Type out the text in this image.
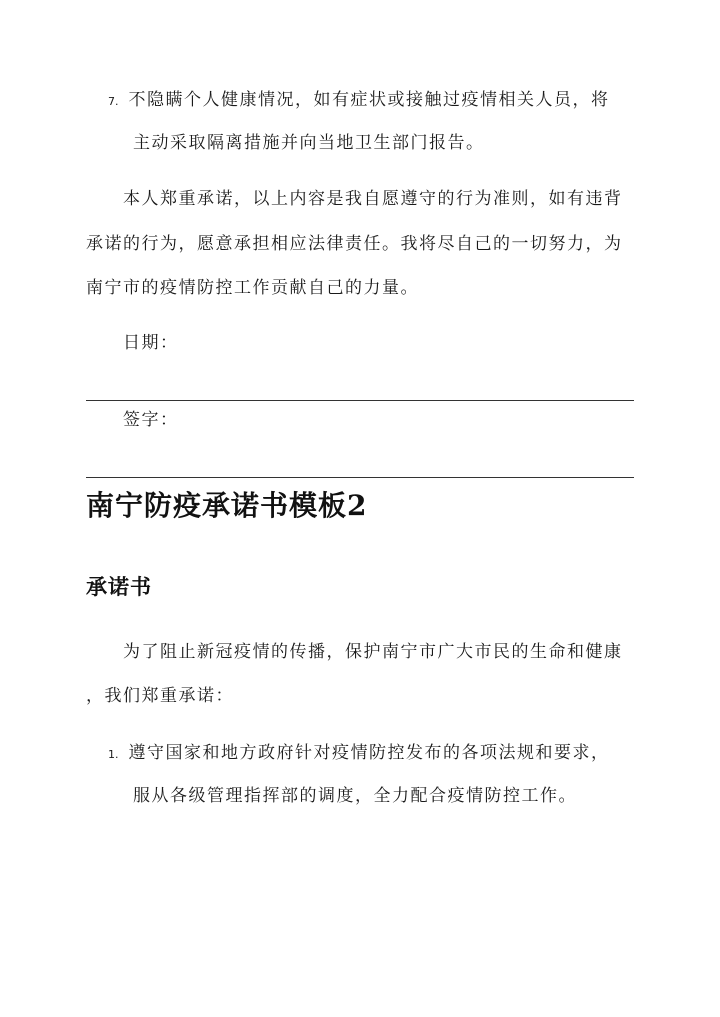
7. 不隐瞒个人健康情况，如有症状或接触过疫情相关人员，将
主动采取隔离措施并向当地卫生部门报告。
本人郑重承诺，以上内容是我自愿遵守的行为准则，如有违背
承诺的行为，愿意承担相应法律责任。我将尽自己的一切努力，为
南宁市的疫情防控工作贡献自己的力量。
日期：
签字：
南宁防疫承诺书模板2
承诺书
为了阻止新冠疫情的传播，保护南宁市广大市民的生命和健康
，我们郑重承诺：
1. 遵守国家和地方政府针对疫情防控发布的各项法规和要求，
服从各级管理指挥部的调度，全力配合疫情防控工作。
